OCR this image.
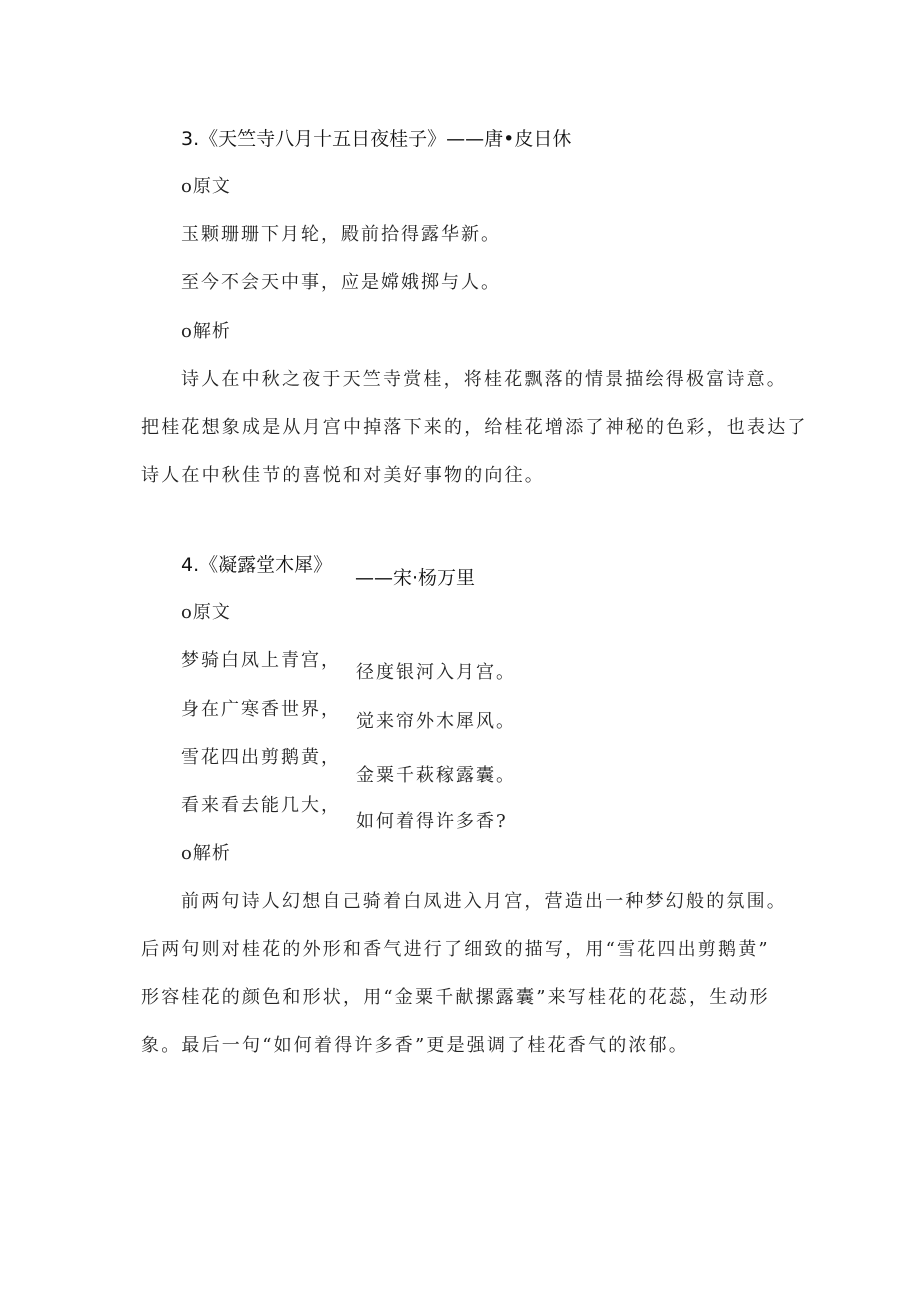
3.《天竺寺八月十五日夜桂子》——唐•皮日休
o原文
玉颗珊珊下月轮，殿前拾得露华新。
至今不会天中事，应是嫦娥掷与人。
o解析
诗人在中秋之夜于天竺寺赏桂，将桂花飘落的情景描绘得极富诗意。
把桂花想象成是从月宫中掉落下来的，给桂花增添了神秘的色彩，也表达了
诗人在中秋佳节的喜悦和对美好事物的向往。
4.《凝露堂木犀》
——宋·杨万里
o原文
梦骑白凤上青宫，
身在广寒香世界，
雪花四出剪鹅黄，
看来看去能几大，
径度银河入月宫。
觉来帘外木犀风。
金粟千萩稼露囊。
如何着得许多香?
o解析
前两句诗人幻想自己骑着白凤进入月宫，营造出一种梦幻般的氛围。
后两句则对桂花的外形和香气进行了细致的描写，用“雪花四出剪鹅黄”
形容桂花的颜色和形状，用“金粟千献摞露囊”来写桂花的花蕊，生动形
象。最后一句“如何着得许多香”更是强调了桂花香气的浓郁。
